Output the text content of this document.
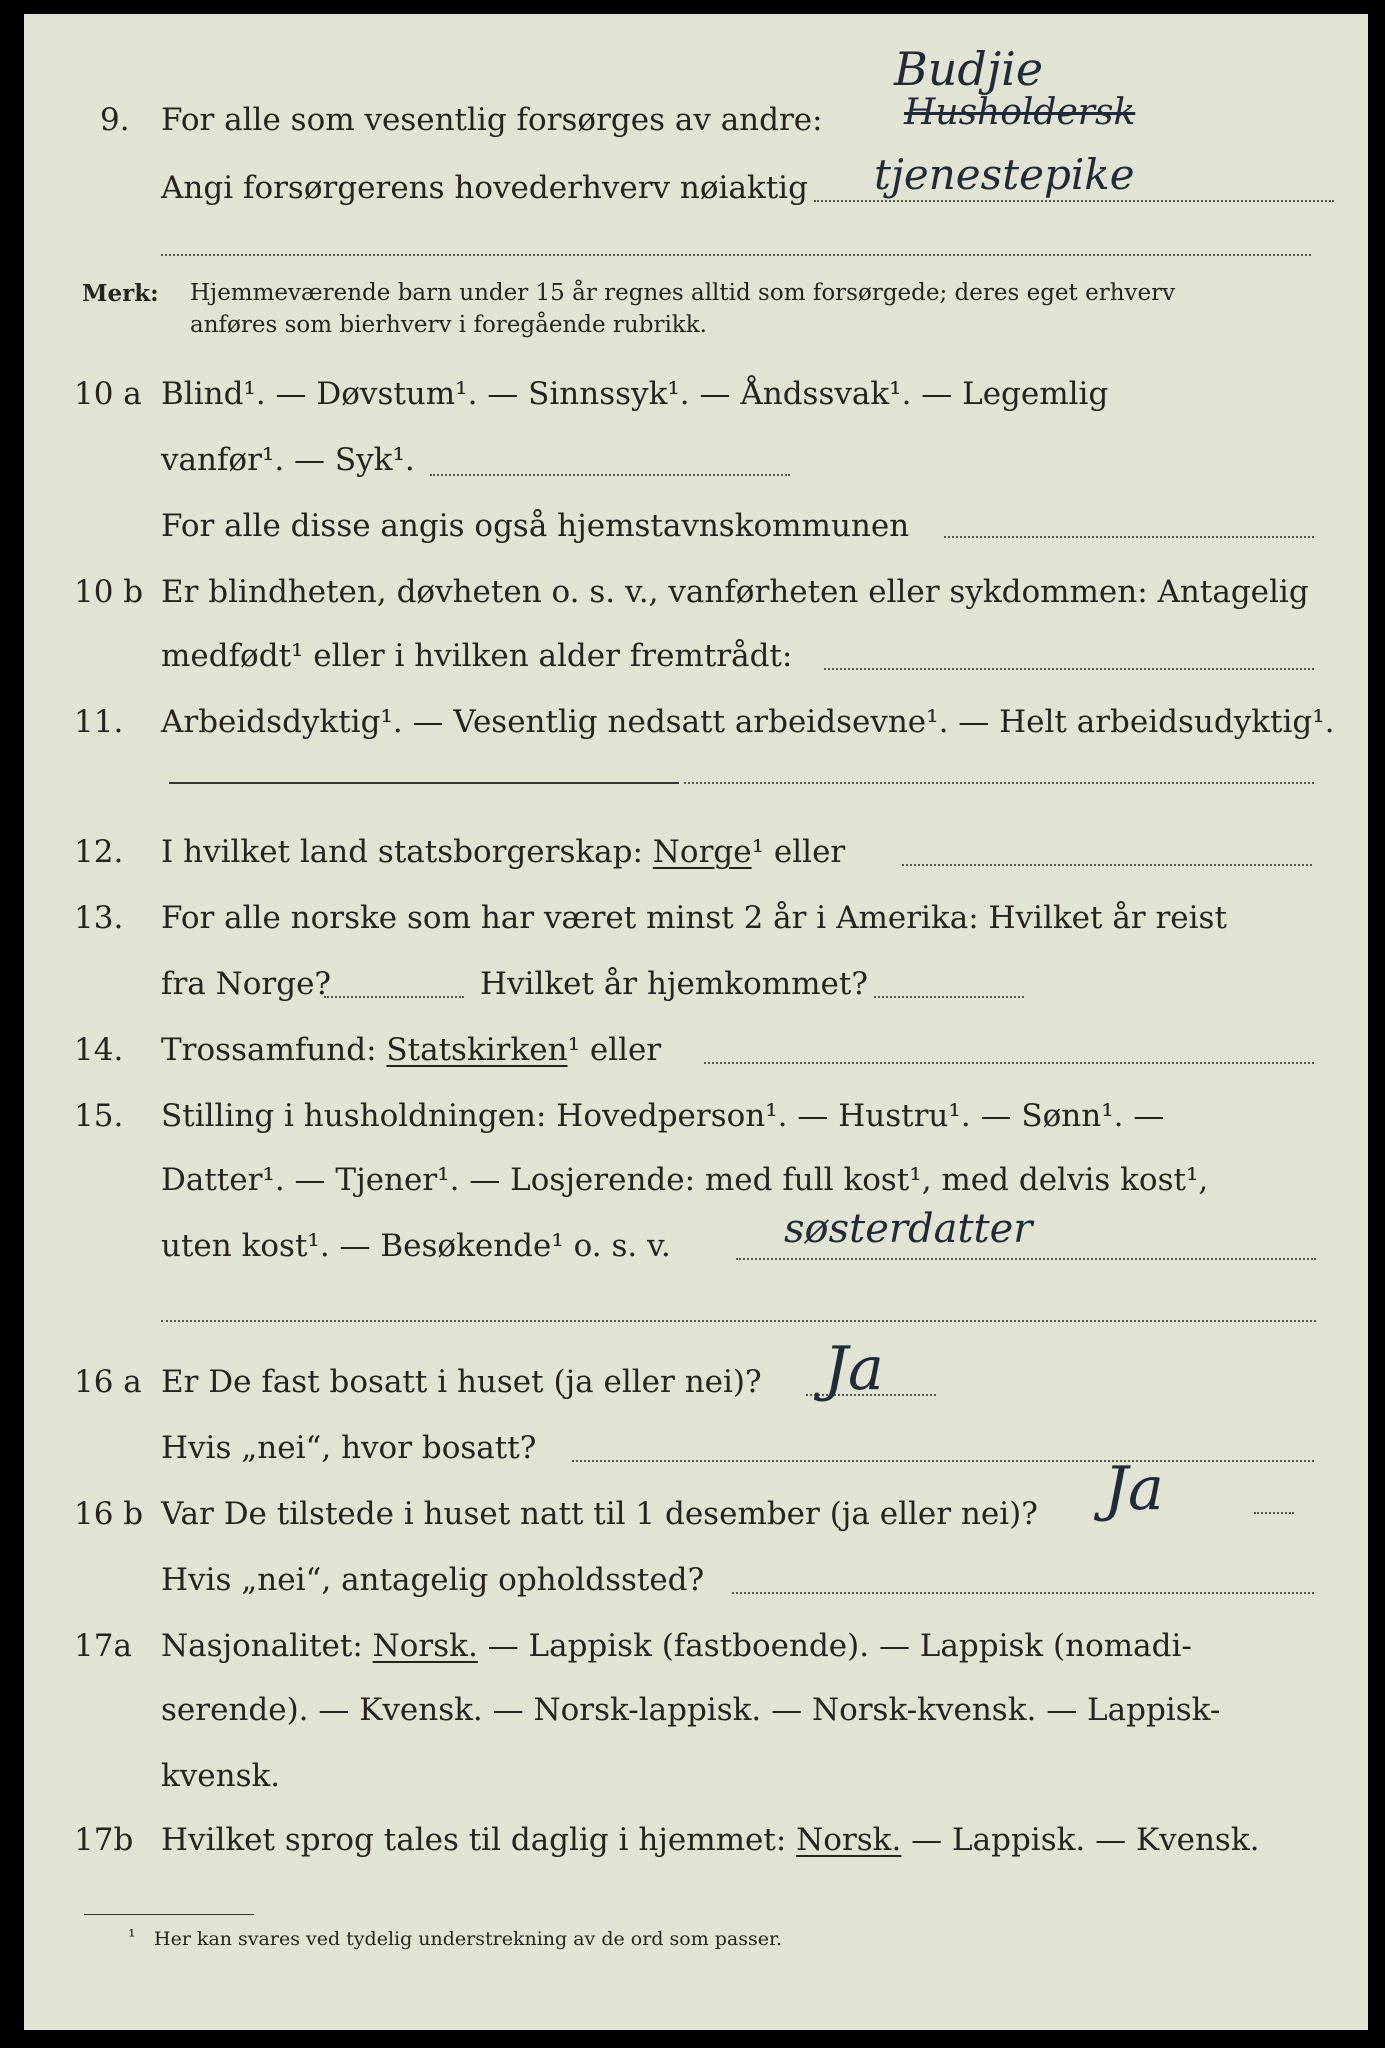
9. For alle som vesentlig forsørges av andre:
Angi forsørgerens hovederhverv nøiaktig
Budjie
Husholdersk
tjenestepike
Merk: Hjemmeværende barn under 15 år regnes alltid som forsørgede; deres eget erhverv
anføres som bierhverv i foregående rubrikk.
10 a Blind¹. — Døvstum¹. — Sinnssyk¹. — Åndssvak¹. — Legemlig
vanfør¹. — Syk¹.
For alle disse angis også hjemstavnskommunen
10 b Er blindheten, døvheten o. s. v., vanførheten eller sykdommen: Antagelig
medfødt¹ eller i hvilken alder fremtrådt:
11. Arbeidsdyktig¹. — Vesentlig nedsatt arbeidsevne¹. — Helt arbeidsudyktig¹.
12. I hvilket land statsborgerskap: Norge¹ eller
13. For alle norske som har været minst 2 år i Amerika: Hvilket år reist
fra Norge?	Hvilket år hjemkommet?
14. Trossamfund: Statskirken¹ eller
15. Stilling i husholdningen: Hovedperson¹. — Hustru¹. — Sønn¹. —
Datter¹. — Tjener¹. — Losjerende: med full kost¹, med delvis kost¹,
uten kost¹. — Besøkende¹ o. s. v.	søsterdatter
16 a Er De fast bosatt i huset (ja eller nei)?
Hvis „nei“, hvor bosatt?
Ja
16 b Var De tilstede i huset natt til 1 desember (ja eller nei)?
Hvis „nei“, antagelig opholdssted?
Ja
17a Nasjonalitet: Norsk. — Lappisk (fastboende). — Lappisk (nomadi-
serende). — Kvensk. — Norsk-lappisk. — Norsk-kvensk. — Lappisk-
kvensk.
17b Hvilket sprog tales til daglig i hjemmet: Norsk. — Lappisk. — Kvensk.
¹ Her kan svares ved tydelig understrekning av de ord som passer.
